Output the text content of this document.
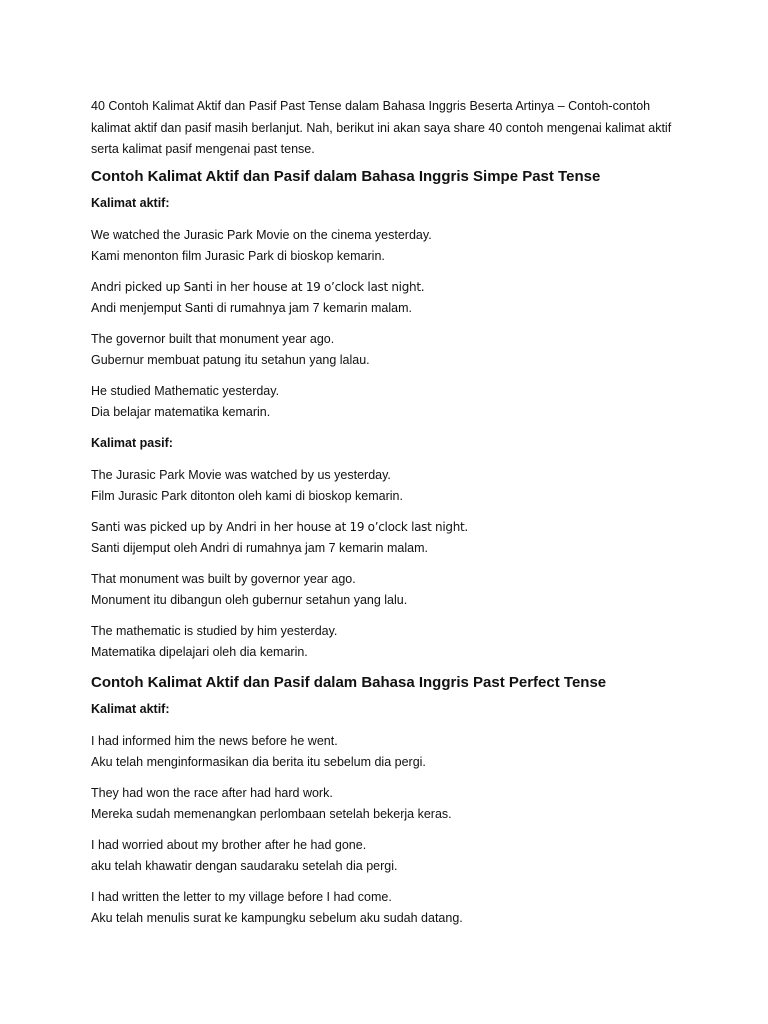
40 Contoh Kalimat Aktif dan Pasif Past Tense dalam Bahasa Inggris Beserta Artinya – Contoh-contoh kalimat aktif dan pasif masih berlanjut. Nah, berikut ini akan saya share 40 contoh mengenai kalimat aktif serta kalimat pasif mengenai past tense.

Contoh Kalimat Aktif dan Pasif dalam Bahasa Inggris Simpe Past Tense
Kalimat aktif:
We watched the Jurasic Park Movie on the cinema yesterday.
Kami menonton film Jurasic Park di bioskop kemarin.
Andri picked up Santi in her house at 19 o’clock last night.
Andi menjemput Santi di rumahnya jam 7 kemarin malam.
The governor built that monument year ago.
Gubernur membuat patung itu setahun yang lalau.
He studied Mathematic yesterday.
Dia belajar matematika kemarin.
Kalimat pasif:
The Jurasic Park Movie was watched by us yesterday.
Film Jurasic Park ditonton oleh kami di bioskop kemarin.
Santi was picked up by Andri in her house at 19 o’clock last night.
Santi dijemput oleh Andri di rumahnya jam 7 kemarin malam.
That monument was built by governor year ago.
Monument itu dibangun oleh gubernur setahun yang lalu.
The mathematic is studied by him yesterday.
Matematika dipelajari oleh dia kemarin.
Contoh Kalimat Aktif dan Pasif dalam Bahasa Inggris Past Perfect Tense
Kalimat aktif:
I had informed him the news before he went.
Aku telah menginformasikan dia berita itu sebelum dia pergi.
They had won the race after had hard work.
Mereka sudah memenangkan perlombaan setelah bekerja keras.
I had worried about my brother after he had gone.
aku telah khawatir dengan saudaraku setelah dia pergi.
I had written the letter to my village before I had come.
Aku telah menulis surat ke kampungku sebelum aku sudah datang.
